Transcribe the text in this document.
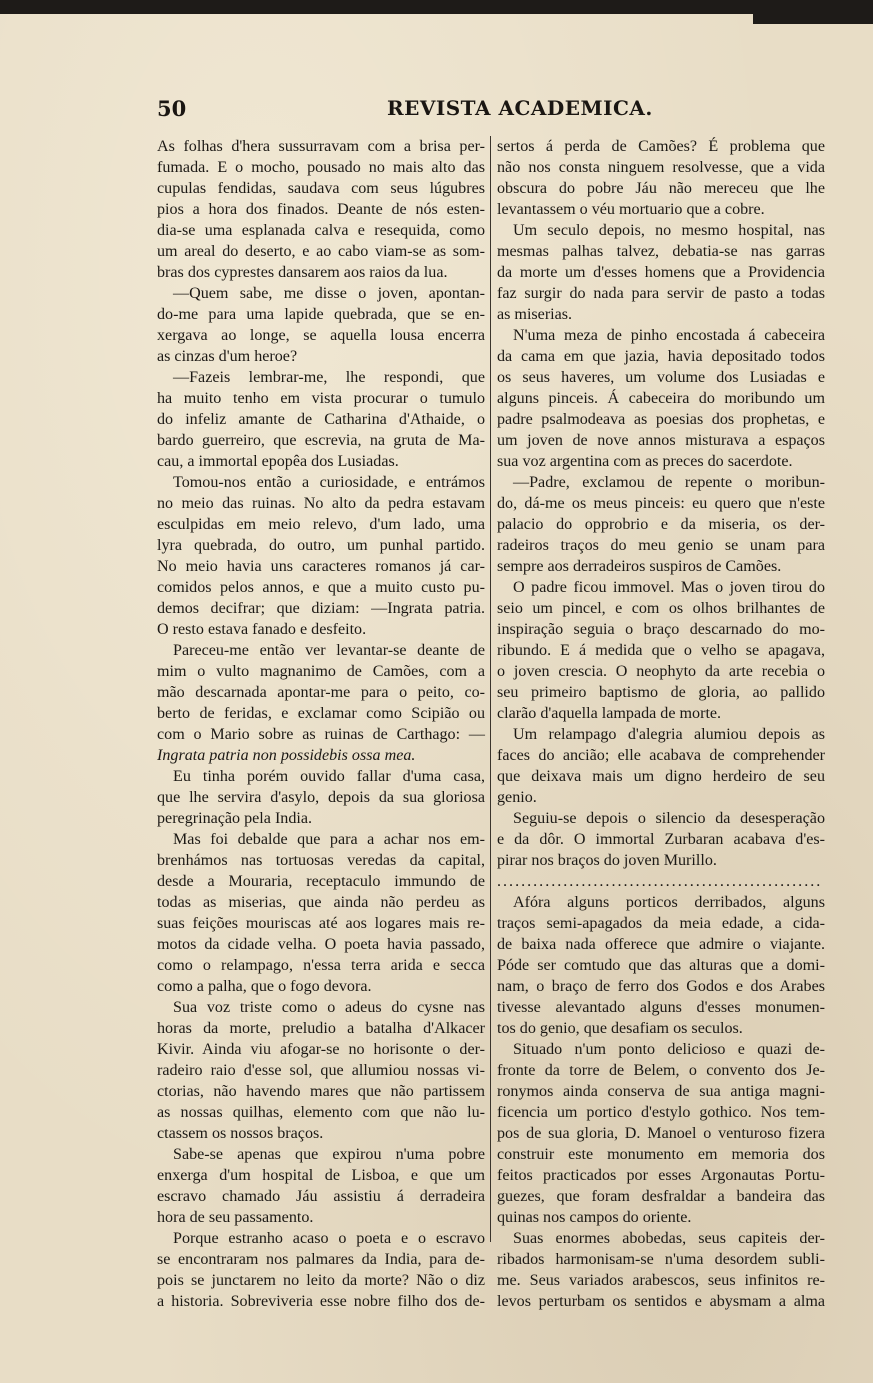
50	REVISTA ACADEMICA.
As folhas d'hera sussurravam com a brisa per-
fumada. E o mocho, pousado no mais alto das
cupulas fendidas, saudava com seus lúgubres
pios a hora dos finados. Deante de nós esten-
dia-se uma esplanada calva e resequida, como
um areal do deserto, e ao cabo viam-se as som-
bras dos cyprestes dansarem aos raios da lua.
—Quem sabe, me disse o joven, apontan-
do-me para uma lapide quebrada, que se en-
xergava ao longe, se aquella lousa encerra
as cinzas d'um heroe?
—Fazeis lembrar-me, lhe respondi, que
ha muito tenho em vista procurar o tumulo
do infeliz amante de Catharina d'Athaide, o
bardo guerreiro, que escrevia, na gruta de Ma-
cau, a immortal epopêa dos Lusiadas.
Tomou-nos então a curiosidade, e entrámos
no meio das ruinas. No alto da pedra estavam
esculpidas em meio relevo, d'um lado, uma
lyra quebrada, do outro, um punhal partido.
No meio havia uns caracteres romanos já car-
comidos pelos annos, e que a muito custo pu-
demos decifrar; que diziam: —Ingrata patria.
O resto estava fanado e desfeito.
Pareceu-me então ver levantar-se deante de
mim o vulto magnanimo de Camões, com a
mão descarnada apontar-me para o peito, co-
berto de feridas, e exclamar como Scipião ou
com o Mario sobre as ruinas de Carthago: —
Ingrata patria non possidebis ossa mea.
Eu tinha porém ouvido fallar d'uma casa,
que lhe servira d'asylo, depois da sua gloriosa
peregrinação pela India.
Mas foi debalde que para a achar nos em-
brenhámos nas tortuosas veredas da capital,
desde a Mouraria, receptaculo immundo de
todas as miserias, que ainda não perdeu as
suas feições mouriscas até aos logares mais re-
motos da cidade velha. O poeta havia passado,
como o relampago, n'essa terra arida e secca
como a palha, que o fogo devora.
Sua voz triste como o adeus do cysne nas
horas da morte, preludio a batalha d'Alkacer
Kivir. Ainda viu afogar-se no horisonte o der-
radeiro raio d'esse sol, que allumiou nossas vi-
ctorias, não havendo mares que não partissem
as nossas quilhas, elemento com que não lu-
ctassem os nossos braços.
Sabe-se apenas que expirou n'uma pobre
enxerga d'um hospital de Lisboa, e que um
escravo chamado Jáu assistiu á derradeira
hora de seu passamento.
Porque estranho acaso o poeta e o escravo
se encontraram nos palmares da India, para de-
pois se junctarem no leito da morte? Não o diz
a historia. Sobreviveria esse nobre filho dos de-
sertos á perda de Camões? É problema que
não nos consta ninguem resolvesse, que a vida
obscura do pobre Jáu não mereceu que lhe
levantassem o véu mortuario que a cobre.
Um seculo depois, no mesmo hospital, nas
mesmas palhas talvez, debatia-se nas garras
da morte um d'esses homens que a Providencia
faz surgir do nada para servir de pasto a todas
as miserias.
N'uma meza de pinho encostada á cabeceira
da cama em que jazia, havia depositado todos
os seus haveres, um volume dos Lusiadas e
alguns pinceis. Á cabeceira do moribundo um
padre psalmodeava as poesias dos prophetas, e
um joven de nove annos misturava a espaços
sua voz argentina com as preces do sacerdote.
—Padre, exclamou de repente o moribun-
do, dá-me os meus pinceis: eu quero que n'este
palacio do opprobrio e da miseria, os der-
radeiros traços do meu genio se unam para
sempre aos derradeiros suspiros de Camões.
O padre ficou immovel. Mas o joven tirou do
seio um pincel, e com os olhos brilhantes de
inspiração seguia o braço descarnado do mo-
ribundo. E á medida que o velho se apagava,
o joven crescia. O neophyto da arte recebia o
seu primeiro baptismo de gloria, ao pallido
clarão d'aquella lampada de morte.
Um relampago d'alegria alumiou depois as
faces do ancião; elle acabava de comprehender
que deixava mais um digno herdeiro de seu
genio.
Seguiu-se depois o silencio da desesperação
e da dôr. O immortal Zurbaran acabava d'es-
pirar nos braços do joven Murillo.
......................................................
Afóra alguns porticos derribados, alguns
traços semi-apagados da meia edade, a cida-
de baixa nada offerece que admire o viajante.
Póde ser comtudo que das alturas que a domi-
nam, o braço de ferro dos Godos e dos Arabes
tivesse alevantado alguns d'esses monumen-
tos do genio, que desafiam os seculos.
Situado n'um ponto delicioso e quazi de-
fronte da torre de Belem, o convento dos Je-
ronymos ainda conserva de sua antiga magni-
ficencia um portico d'estylo gothico. Nos tem-
pos de sua gloria, D. Manoel o venturoso fizera
construir este monumento em memoria dos
feitos practicados por esses Argonautas Portu-
guezes, que foram desfraldar a bandeira das
quinas nos campos do oriente.
Suas enormes abobedas, seus capiteis der-
ribados harmonisam-se n'uma desordem subli-
me. Seus variados arabescos, seus infinitos re-
levos perturbam os sentidos e abysmam a alma
